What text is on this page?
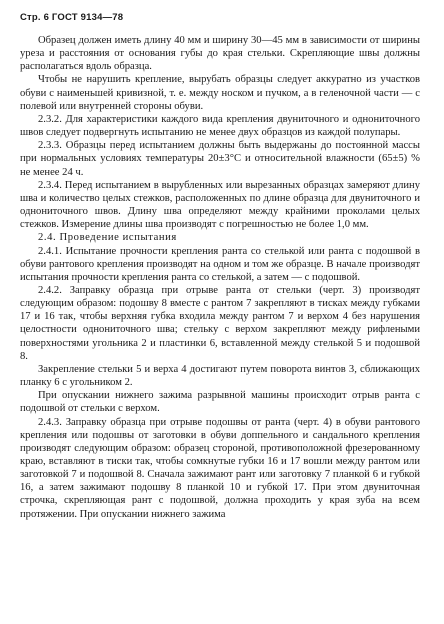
Стр. 6 ГОСТ 9134—78

Образец должен иметь длину 40 мм и ширину 30—45 мм в зависимости от ширины уреза и расстояния от основания губы до края стельки. Скрепляющие швы должны располагаться вдоль образца.

Чтобы не нарушить крепление, вырубать образцы следует аккуратно из участков обуви с наименьшей кривизной, т. е. между носком и пучком, а в геленочной части — с полевой или внутренней стороны обуви.

2.3.2. Для характеристики каждого вида крепления двуниточного и однониточного швов следует подвергнуть испытанию не менее двух образцов из каждой полупары.

2.3.3. Образцы перед испытанием должны быть выдержаны до постоянной массы при нормальных условиях температуры 20±3°С и относительной влажности (65±5) % не менее 24 ч.

2.3.4. Перед испытанием в вырубленных или вырезанных образцах замеряют длину шва и количество целых стежков, расположенных по длине образца для двуниточного и однониточного швов. Длину шва определяют между крайними проколами целых стежков. Измерение длины шва производят с погрешностью не более 1,0 мм.

2.4. Проведение испытания

2.4.1. Испытание прочности крепления ранта со стелькой или ранта с подошвой в обуви рантового крепления производят на одном и том же образце. В начале производят испытания прочности крепления ранта со стелькой, а затем — с подошвой.

2.4.2. Заправку образца при отрыве ранта от стельки (черт. 3) производят следующим образом: подошву 8 вместе с рантом 7 закрепляют в тисках между губками 17 и 16 так, чтобы верхняя губка входила между рантом 7 и верхом 4 без нарушения целостности однониточного шва; стельку с верхом закрепляют между рифлеными поверхностями угольника 2 и пластинки 6, вставленной между стелькой 5 и подошвой 8.

Закрепление стельки 5 и верха 4 достигают путем поворота винтов 3, сближающих планку 6 с угольником 2.

При опускании нижнего зажима разрывной машины происходит отрыв ранта с подошвой от стельки с верхом.

2.4.3. Заправку образца при отрыве подошвы от ранта (черт. 4) в обуви рантового крепления или подошвы от заготовки в обуви доппельного и сандального крепления производят следующим образом: образец стороной, противоположной фрезерованному краю, вставляют в тиски так, чтобы сомкнутые губки 16 и 17 вошли между рантом или заготовкой 7 и подошвой 8. Сначала зажимают рант или заготовку 7 планкой 6 и губкой 16, а затем зажимают подошву 8 планкой 10 и губкой 17. При этом двуниточная строчка, скрепляющая рант с подошвой, должна проходить у края зуба на всем протяжении. При опускании нижнего зажима
